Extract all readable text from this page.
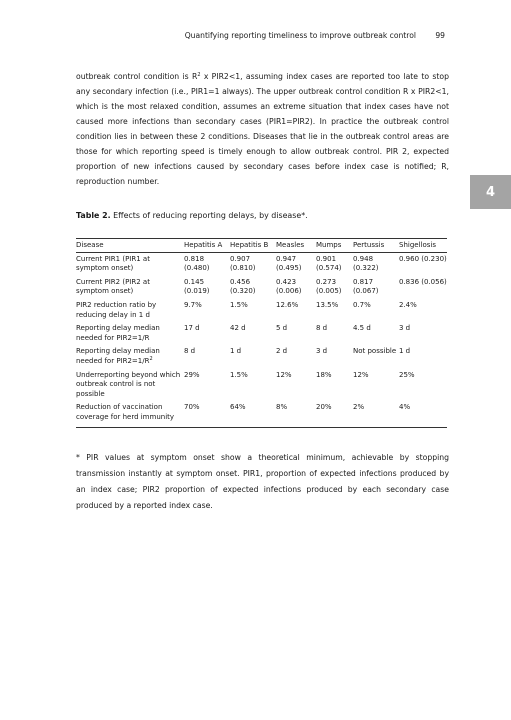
Quantifying reporting timeliness to improve outbreak control	99

outbreak control condition is $R^2$ x PIR2<1, assuming index cases are reported too late to stop any secondary infection (i.e., PIR1=1 always). The upper outbreak control condition R x PIR2<1, which is the most relaxed condition, assumes an extreme situation that index cases have not caused more infections than secondary cases (PIR1=PIR2). In practice the outbreak control condition lies in between these 2 conditions. Diseases that lie in the outbreak control areas are those for which reporting speed is timely enough to allow outbreak control. PIR 2, expected proportion of new infections caused by secondary cases before index case is notified; R, reproduction number.

4

Table 2. Effects of reducing reporting delays, by disease*.

Disease	Hepatitis A	Hepatitis B	Measles	Mumps	Pertussis	Shigellosis
Current PIR1 (PIR1 at symptom onset)	0.818 (0.480)	0.907 (0.810)	0.947 (0.495)	0.901 (0.574)	0.948 (0.322)	0.960 (0.230)
Current PIR2 (PIR2 at symptom onset)	0.145 (0.019)	0.456 (0.320)	0.423 (0.006)	0.273 (0.005)	0.817 (0.067)	0.836 (0.056)
PIR2 reduction ratio by reducing delay in 1 d	9.7%	1.5%	12.6%	13.5%	0.7%	2.4%
Reporting delay median needed for PIR2=1/R	17 d	42 d	5 d	8 d	4.5 d	3 d
Reporting delay median needed for $PIR2=1/R^2$	8 d	1 d	2 d	3 d	Not possible	1 d
Underreporting beyond which outbreak control is not possible	29%	1.5%	12%	18%	12%	25%
Reduction of vaccination coverage for herd immunity	70%	64%	8%	20%	2%	4%

* PIR values at symptom onset show a theoretical minimum, achievable by stopping transmission instantly at symptom onset. PIR1, proportion of expected infections produced by an index case; PIR2 proportion of expected infections produced by each secondary case produced by a reported index case.
